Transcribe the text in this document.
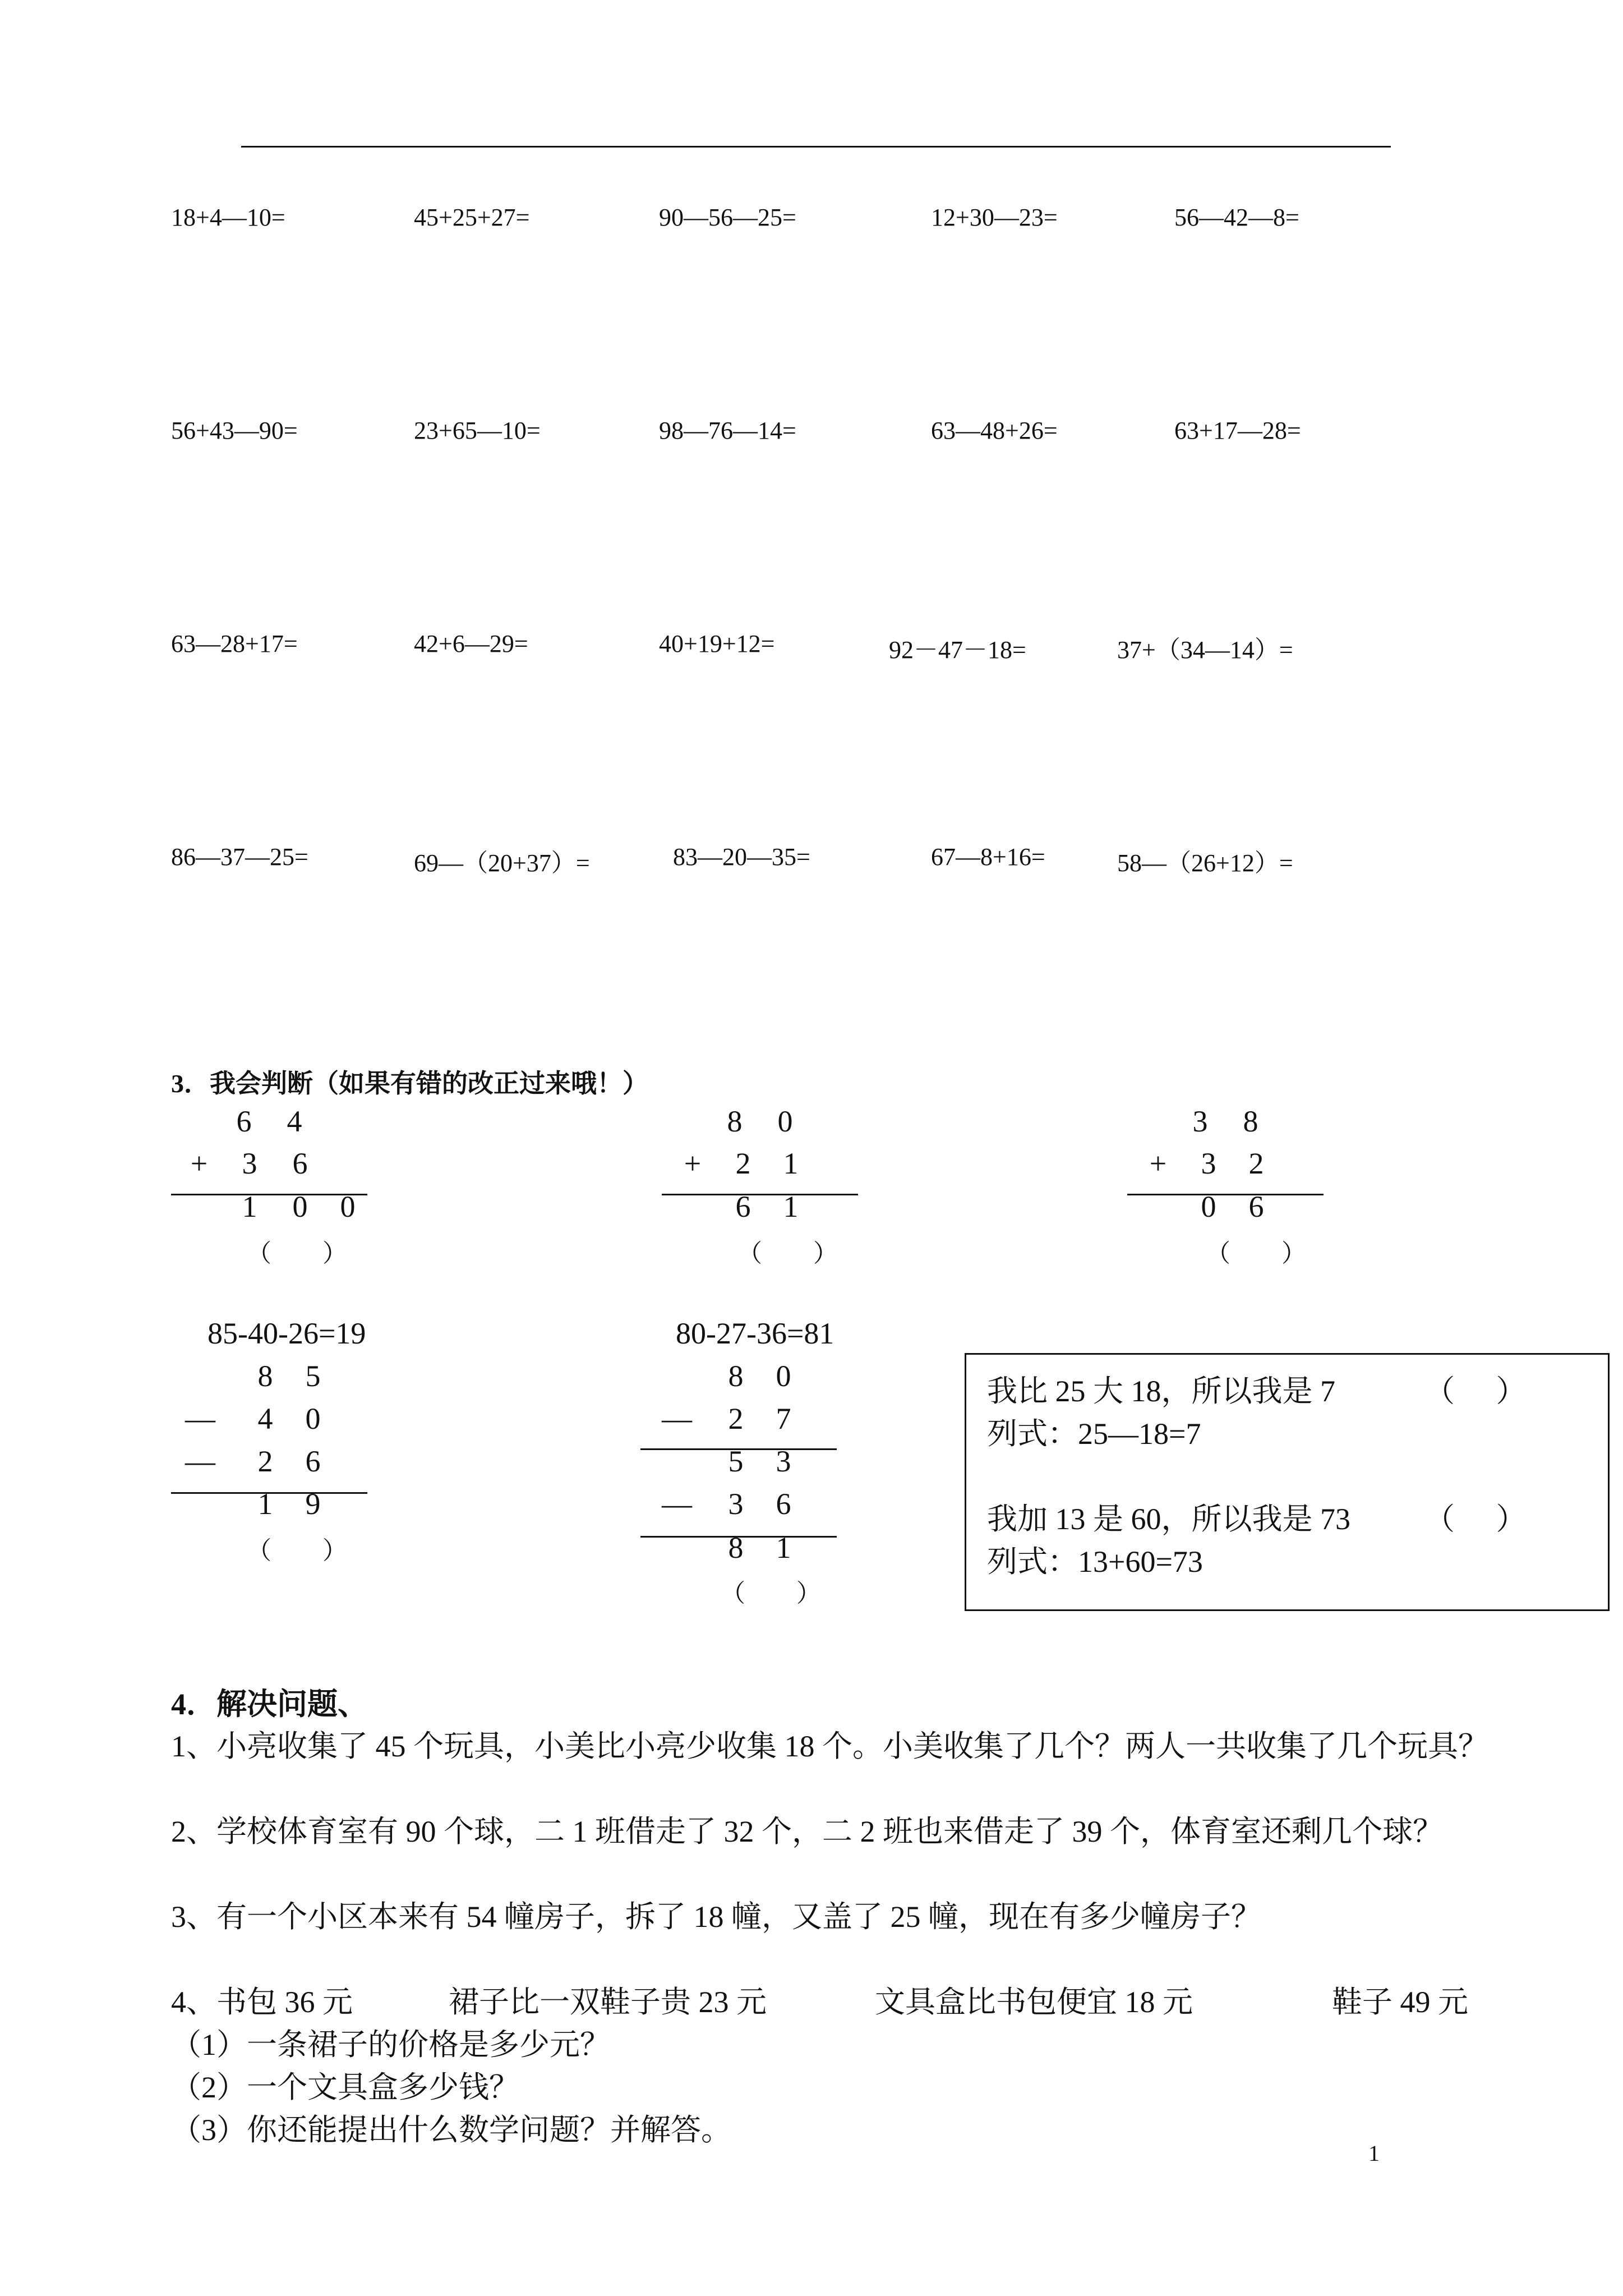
18+4—10=	45+25+27=	90—56—25=	12+30—23=	56—42—8=
56+43—90=	23+65—10=	98—76—14=	63—48+26=	63+17—28=
63—28+17=	42+6—29=	40+19+12=	92－47－18=	37+（34—14）=
86—37—25=	69—（20+37）=	83—20—35=	67—8+16=	58—（26+12）=
3．我会判断（如果有错的改正过来哦！）
6 4
+ 3 6
1 0 0
（ ）
8 0
+ 2 1
6 1
（ ）
3 8
+ 3 2
0 6
（ ）
85-40-26=19
8 5
— 4 0
— 2 6
1 9
（ ）
80-27-36=81
8 0
— 2 7
5 3
— 3 6
8 1
（ ）
我比 25 大 18，所以我是 7	（ ）
列式：25—18=7
我加 13 是 60，所以我是 73 （ ）
列式：13+60=73
4．解决问题、
1、小亮收集了 45 个玩具，小美比小亮少收集 18 个。小美收集了几个？两人一共收集了几个玩具？
2、学校体育室有 90 个球，二 1 班借走了 32 个，二 2 班也来借走了 39 个，体育室还剩几个球？
3、有一个小区本来有 54 幢房子，拆了 18 幢，又盖了 25 幢，现在有多少幢房子？
4、书包 36 元	裙子比一双鞋子贵 23 元	文具盒比书包便宜 18 元	鞋子 49 元
（1）一条裙子的价格是多少元？
（2）一个文具盒多少钱？
（3）你还能提出什么数学问题？并解答。
1
